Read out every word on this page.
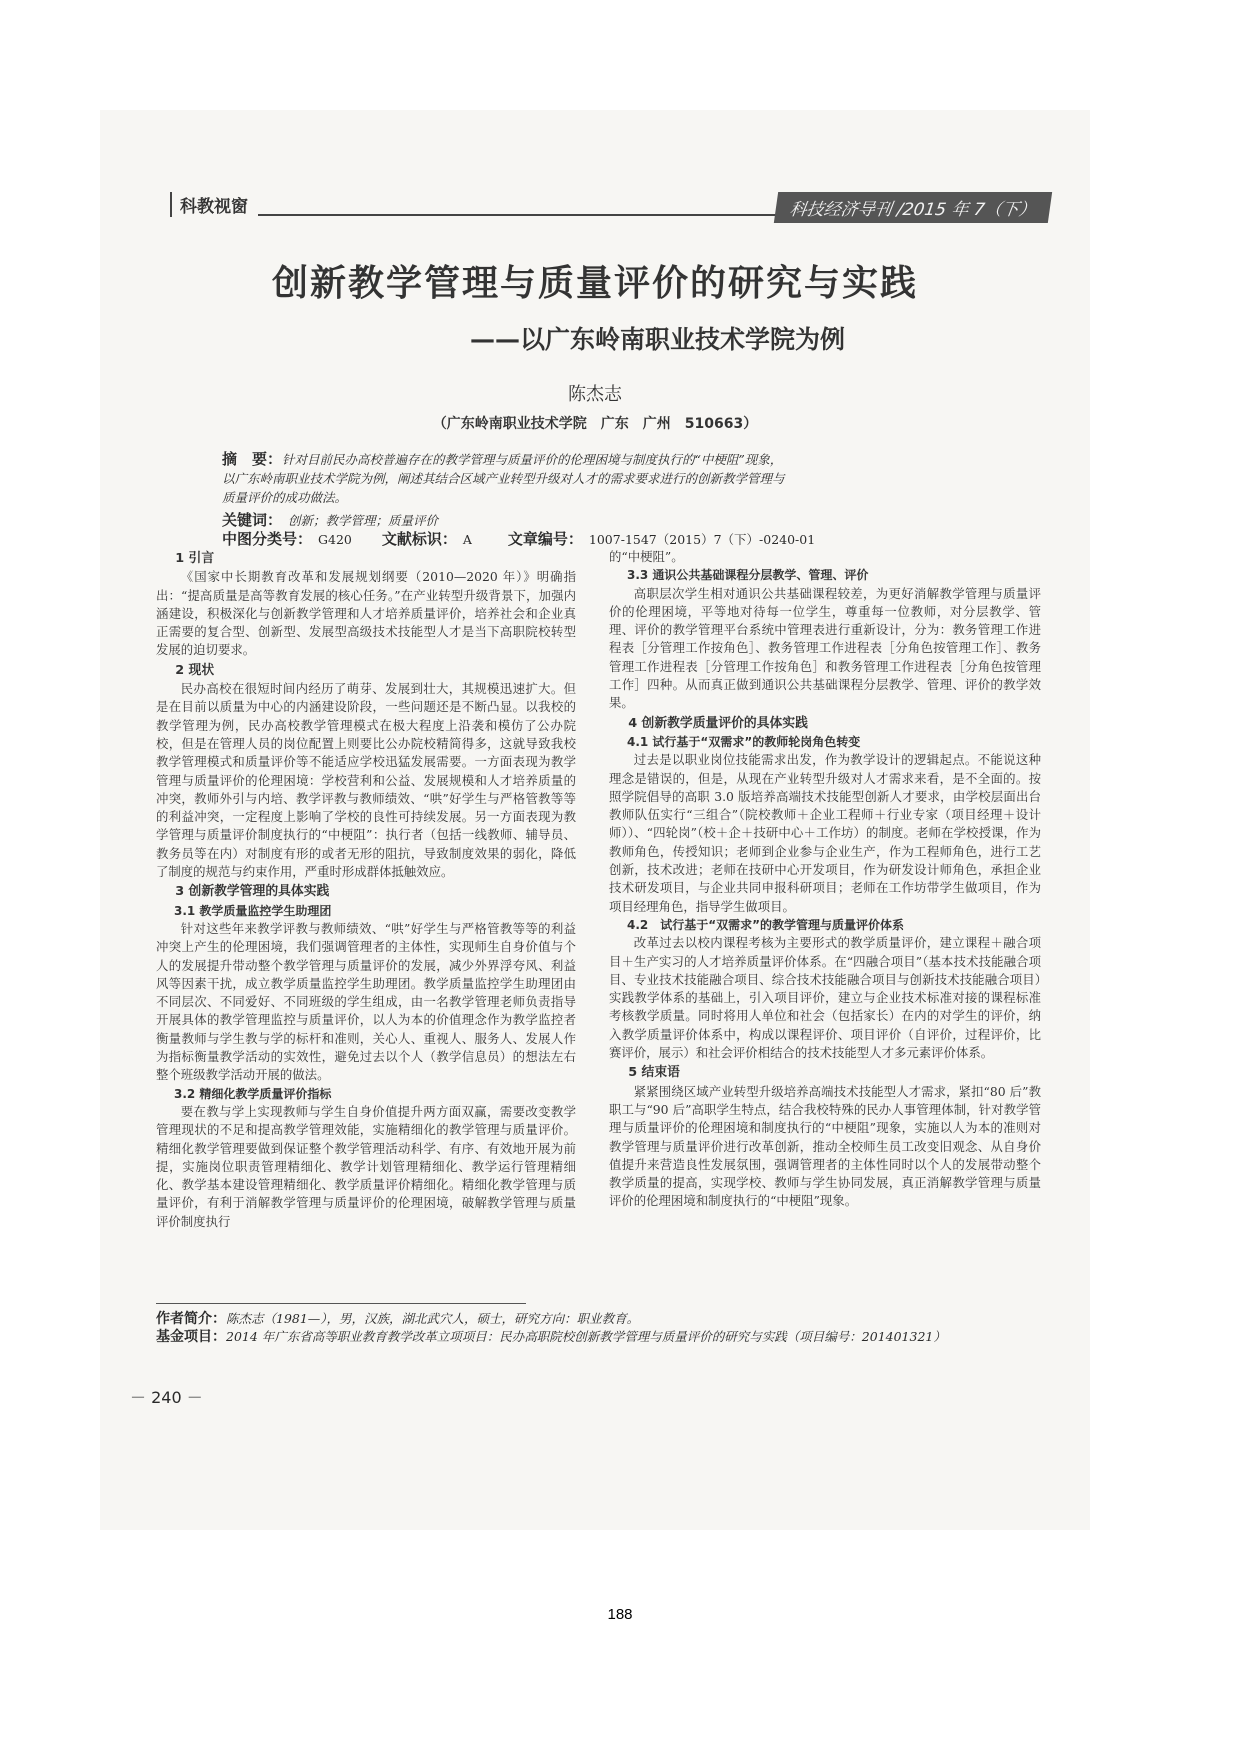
科教视窗	科技经济导刊 /2015 年 7（下）
创新教学管理与质量评价的研究与实践
——以广东岭南职业技术学院为例
陈杰志
（广东岭南职业技术学院　广东　广州　510663）

摘　要：针对目前民办高校普遍存在的教学管理与质量评价的伦理困境与制度执行的“中梗阻”现象，

以广东岭南职业技术学院为例，阐述其结合区域产业转型升级对人才的需求要求进行的创新教学管理与

质量评价的成功做法。

关键词： 创新；教学管理；质量评价
中图分类号： G420 文献标识： A 文章编号： 1007-1547（2015）7（下）-0240-01

1 引言

《国家中长期教育改革和发展规划纲要（2010—2020 年）》明确指出：“提高质量是高等教育发展的核心任务。”在产业转型升级背景下，加强内涵建设，积极深化与创新教学管理和人才培养质量评价，培养社会和企业真正需要的复合型、创新型、发展型高级技术技能型人才是当下高职院校转型发展的迫切要求。

2 现状

民办高校在很短时间内经历了萌芽、发展到壮大，其规模迅速扩大。但是在目前以质量为中心的内涵建设阶段，一些问题还是不断凸显。以我校的教学管理为例，民办高校教学管理模式在极大程度上沿袭和模仿了公办院校，但是在管理人员的岗位配置上则要比公办院校精简得多，这就导致我校教学管理模式和质量评价等不能适应学校迅猛发展需要。一方面表现为教学管理与质量评价的伦理困境：学校营利和公益、发展规模和人才培养质量的冲突，教师外引与内培、教学评教与教师绩效、“哄”好学生与严格管教等等的利益冲突，一定程度上影响了学校的良性可持续发展。另一方面表现为教学管理与质量评价制度执行的“中梗阻”：执行者（包括一线教师、辅导员、教务员等在内）对制度有形的或者无形的阻抗，导致制度效果的弱化，降低了制度的规范与约束作用，严重时形成群体抵触效应。

3 创新教学管理的具体实践

3.1 教学质量监控学生助理团

针对这些年来教学评教与教师绩效、“哄”好学生与严格管教等等的利益冲突上产生的伦理困境，我们强调管理者的主体性，实现师生自身价值与个人的发展提升带动整个教学管理与质量评价的发展，减少外界浮夸风、利益风等因素干扰，成立教学质量监控学生助理团。教学质量监控学生助理团由不同层次、不同爱好、不同班级的学生组成，由一名教学管理老师负责指导开展具体的教学管理监控与质量评价，以人为本的价值理念作为教学监控者衡量教师与学生教与学的标杆和准则，关心人、重视人、服务人、发展人作为指标衡量教学活动的实效性，避免过去以个人（教学信息员）的想法左右整个班级教学活动开展的做法。

3.2 精细化教学质量评价指标

要在教与学上实现教师与学生自身价值提升两方面双赢，需要改变教学管理现状的不足和提高教学管理效能，实施精细化的教学管理与质量评价。精细化教学管理要做到保证整个教学管理活动科学、有序、有效地开展为前提，实施岗位职责管理精细化、教学计划管理精细化、教学运行管理精细化、教学基本建设管理精细化、教学质量评价精细化。精细化教学管理与质量评价，有利于消解教学管理与质量评价的伦理困境，破解教学管理与质量评价制度执行

的“中梗阻”。

3.3 通识公共基础课程分层教学、管理、评价

高职层次学生相对通识公共基础课程较差，为更好消解教学管理与质量评价的伦理困境，平等地对待每一位学生，尊重每一位教师，对分层教学、管理、评价的教学管理平台系统中管理表进行重新设计，分为：教务管理工作进程表［分管理工作按角色］、教务管理工作进程表［分角色按管理工作］、教务管理工作进程表［分管理工作按角色］和教务管理工作进程表［分角色按管理工作］四种。从而真正做到通识公共基础课程分层教学、管理、评价的教学效果。

4 创新教学质量评价的具体实践

4.1 试行基于“双需求”的教师轮岗角色转变

过去是以职业岗位技能需求出发，作为教学设计的逻辑起点。不能说这种理念是错误的，但是，从现在产业转型升级对人才需求来看，是不全面的。按照学院倡导的高职 3.0 版培养高端技术技能型创新人才要求，由学校层面出台教师队伍实行“三组合”（院校教师＋企业工程师＋行业专家（项目经理＋设计师））、“四轮岗”（校＋企＋技研中心＋工作坊）的制度。老师在学校授课，作为教师角色，传授知识；老师到企业参与企业生产，作为工程师角色，进行工艺创新，技术改进；老师在技研中心开发项目，作为研发设计师角色，承担企业技术研发项目，与企业共同申报科研项目；老师在工作坊带学生做项目，作为项目经理角色，指导学生做项目。

4.2　试行基于“双需求”的教学管理与质量评价体系

改革过去以校内课程考核为主要形式的教学质量评价，建立课程＋融合项目＋生产实习的人才培养质量评价体系。在“四融合项目”（基本技术技能融合项目、专业技术技能融合项目、综合技术技能融合项目与创新技术技能融合项目）实践教学体系的基础上，引入项目评价，建立与企业技术标准对接的课程标准考核教学质量。同时将用人单位和社会（包括家长）在内的对学生的评价，纳入教学质量评价体系中，构成以课程评价、项目评价（自评价，过程评价，比赛评价，展示）和社会评价相结合的技术技能型人才多元素评价体系。

5 结束语

紧紧围绕区域产业转型升级培养高端技术技能型人才需求，紧扣“80 后”教职工与“90 后”高职学生特点，结合我校特殊的民办人事管理体制，针对教学管理与质量评价的伦理困境和制度执行的“中梗阻”现象，实施以人为本的准则对教学管理与质量评价进行改革创新，推动全校师生员工改变旧观念、从自身价值提升来营造良性发展氛围，强调管理者的主体性同时以个人的发展带动整个教学质量的提高，实现学校、教师与学生协同发展，真正消解教学管理与质量评价的伦理困境和制度执行的“中梗阻”现象。

作者简介：陈杰志（1981—），男，汉族，湖北武穴人，硕士，研究方向：职业教育。
基金项目：2014 年广东省高等职业教育教学改革立项项目：民办高职院校创新教学管理与质量评价的研究与实践（项目编号：201401321）
－ 240 －
188
